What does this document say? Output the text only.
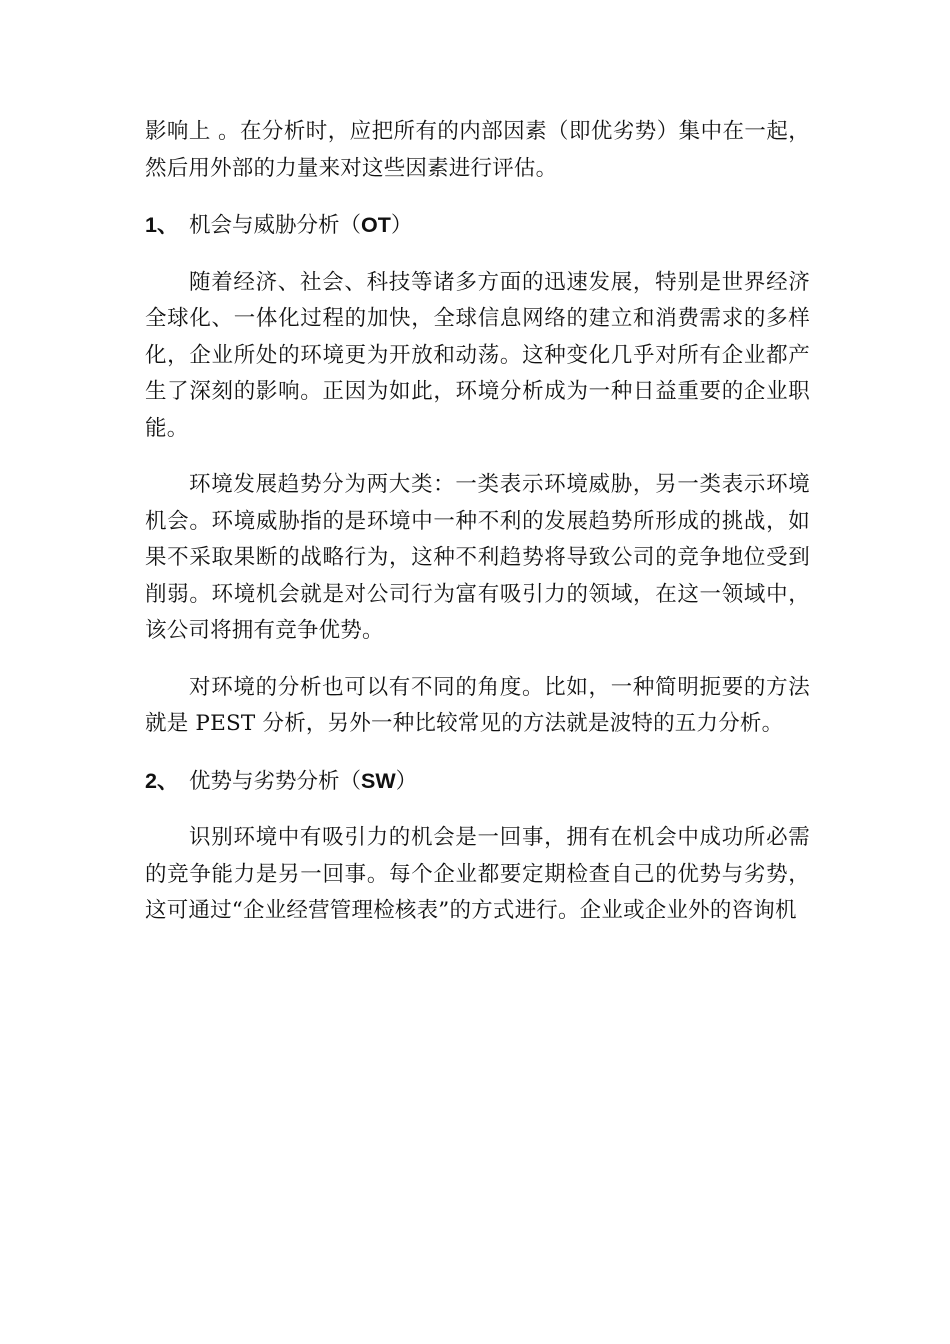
影响上 。在分析时，应把所有的内部因素（即优劣势）集中在一起，然后用外部的力量来对这些因素进行评估。

1、 机会与威胁分析（OT）

随着经济、社会、科技等诸多方面的迅速发展，特别是世界经济全球化、一体化过程的加快，全球信息网络的建立和消费需求的多样化，企业所处的环境更为开放和动荡。这种变化几乎对所有企业都产生了深刻的影响。正因为如此，环境分析成为一种日益重要的企业职能。

环境发展趋势分为两大类：一类表示环境威胁，另一类表示环境机会。环境威胁指的是环境中一种不利的发展趋势所形成的挑战，如果不采取果断的战略行为，这种不利趋势将导致公司的竞争地位受到削弱。环境机会就是对公司行为富有吸引力的领域，在这一领域中，该公司将拥有竞争优势。

对环境的分析也可以有不同的角度。比如，一种简明扼要的方法就是 PEST 分析，另外一种比较常见的方法就是波特的五力分析。

2、 优势与劣势分析（SW）

识别环境中有吸引力的机会是一回事，拥有在机会中成功所必需的竞争能力是另一回事。每个企业都要定期检查自己的优势与劣势，这可通过“企业经营管理检核表”的方式进行。企业或企业外的咨询机
